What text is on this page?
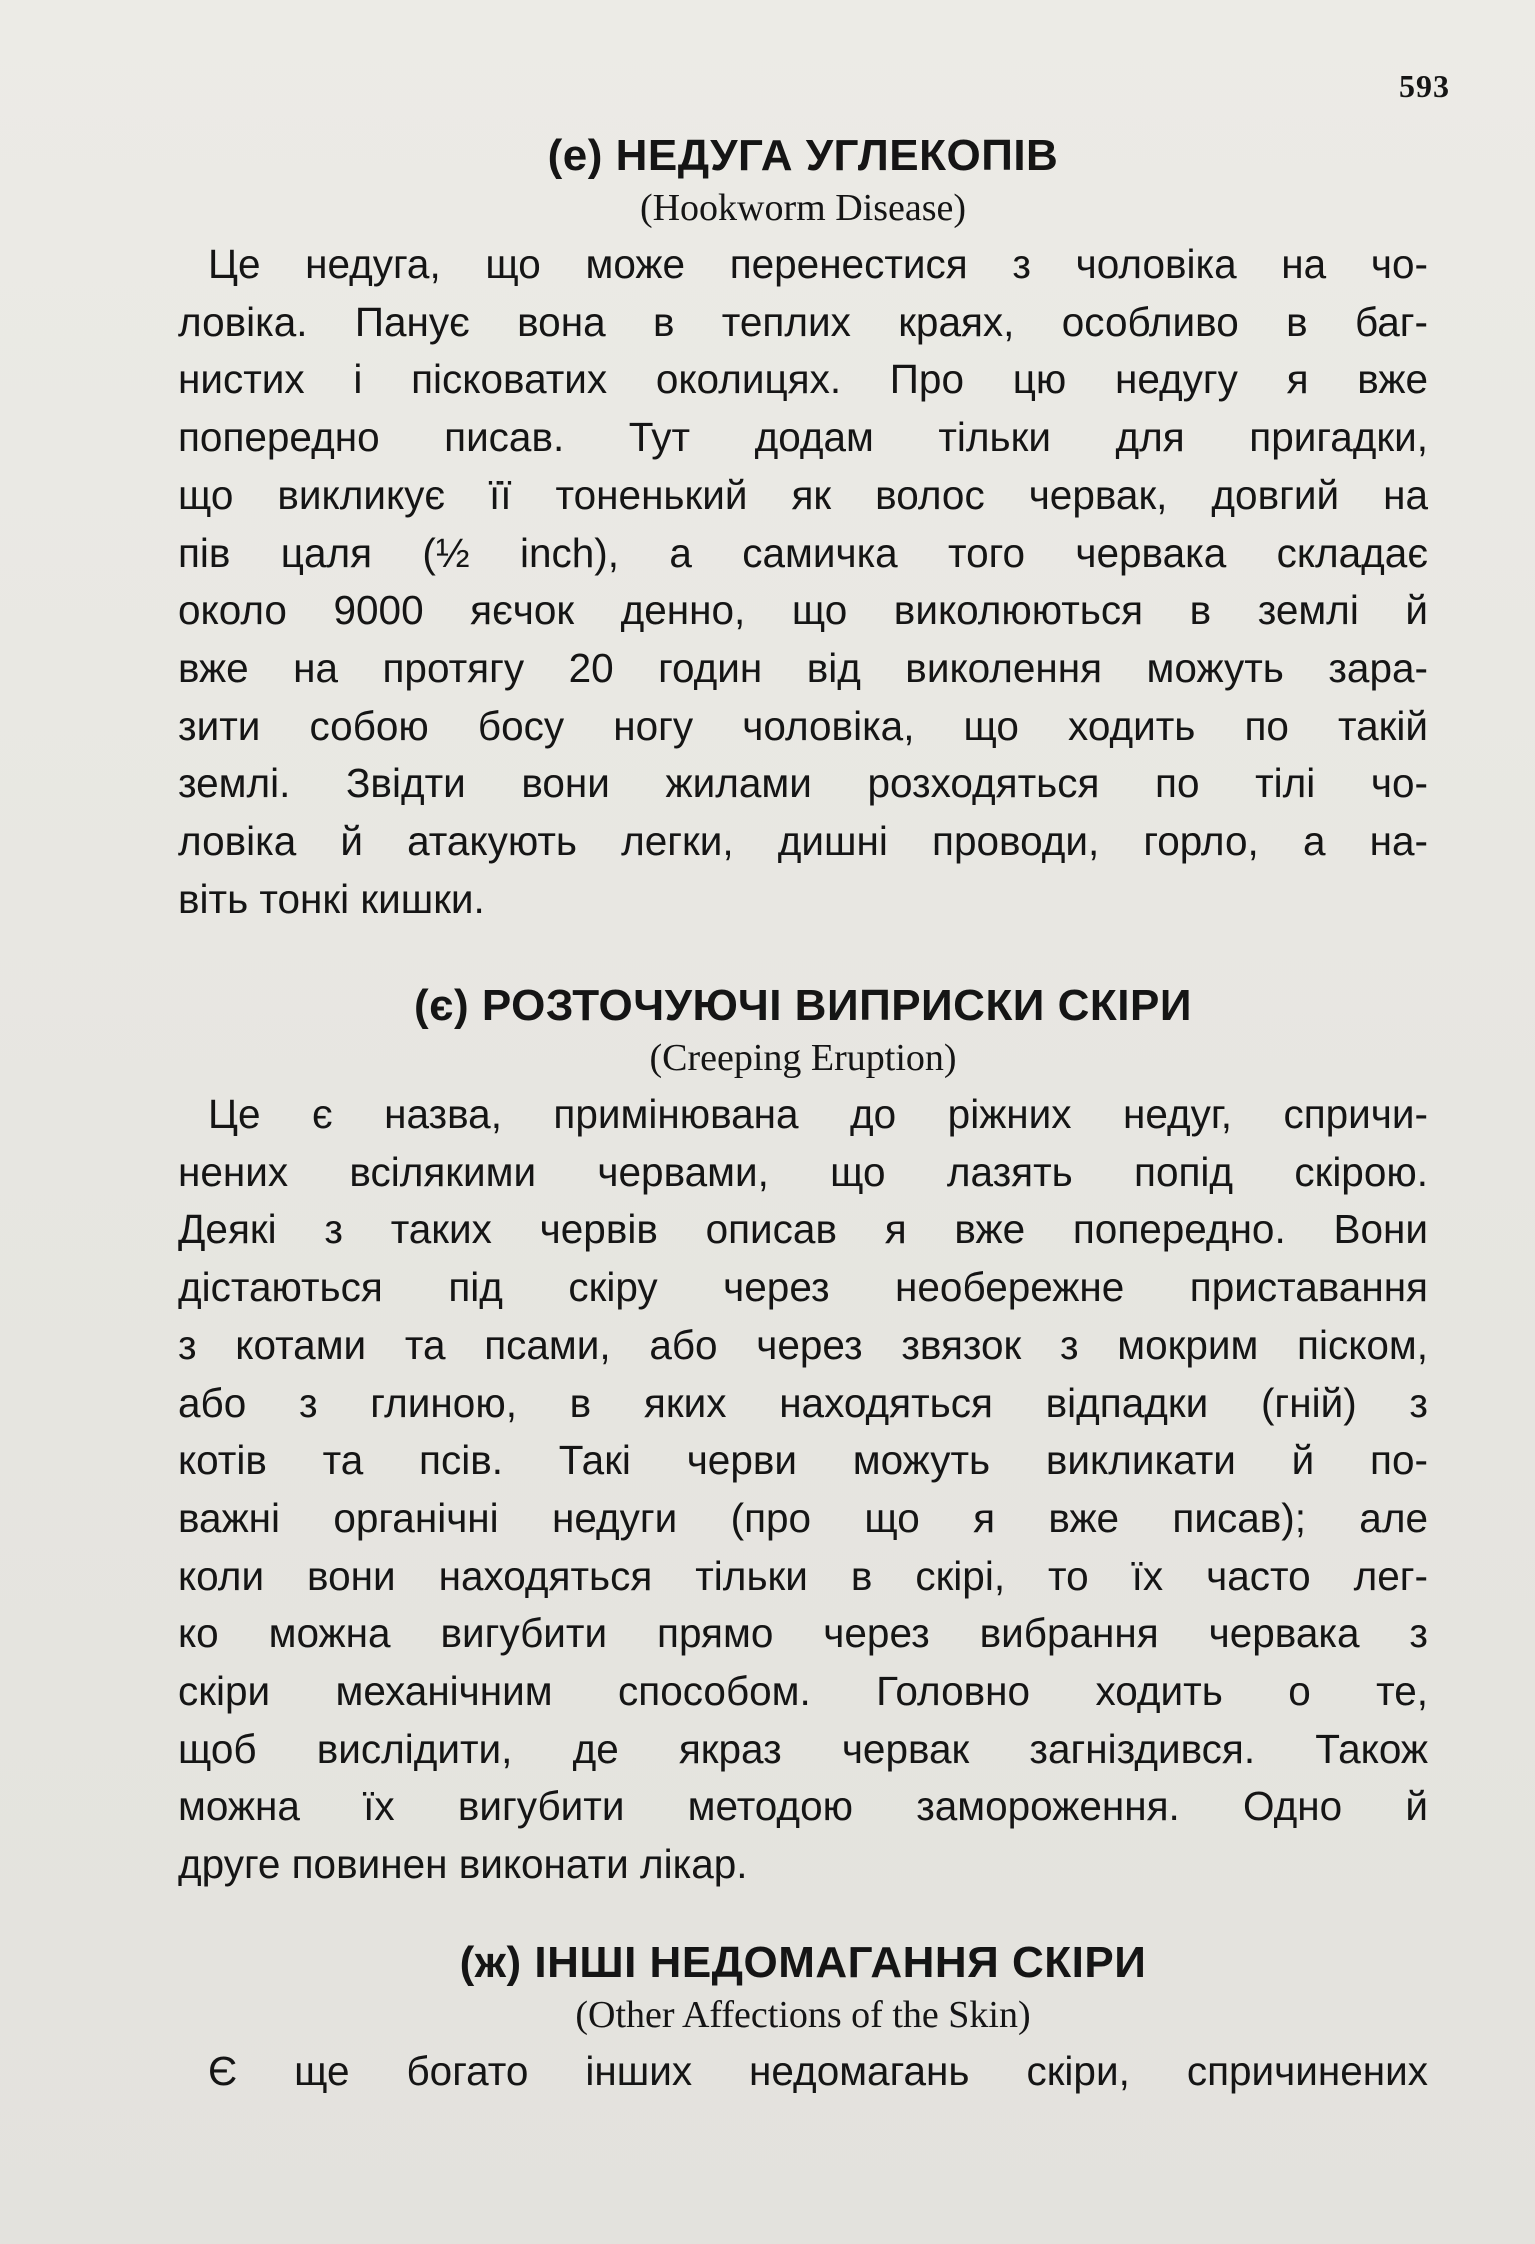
593
(е) НЕДУГА УГЛЕКОПІВ
(Hookworm Disease)
Це недуга, що може перенестися з чоловіка на чо-
ловіка. Панує вона в теплих краях, особливо в баг-
нистих і пісковатих околицях. Про цю недугу я вже
попередно писав. Тут додам тільки для пригадки,
що викликує її тоненький як волос червак, довгий на
пів цаля (½ inch), а самичка того червака складає
около 9000 яєчок денно, що виколюються в землі й
вже на протягу 20 годин від виколення можуть зара-
зити собою босу ногу чоловіка, що ходить по такій
землі. Звідти вони жилами розходяться по тілі чо-
ловіка й атакують легки, дишні проводи, горло, а на-
віть тонкі кишки.
(є) РОЗТОЧУЮЧІ ВИПРИСКИ СКІРИ
(Creeping Eruption)
Це є назва, примінювана до ріжних недуг, спричи-
нених всілякими червами, що лазять попід скірою.
Деякі з таких червів описав я вже попередно. Вони
дістаються під скіру через необережне приставання
з котами та псами, або через звязок з мокрим піском,
або з глиною, в яких находяться відпадки (гній) з
котів та псів. Такі черви можуть викликати й по-
важні органічні недуги (про що я вже писав); але
коли вони находяться тільки в скірі, то їх часто лег-
ко можна вигубити прямо через вибрання червака з
скіри механічним способом. Головно ходить о те,
щоб вислідити, де якраз червак загніздився. Також
можна їх вигубити методою замороження. Одно й
друге повинен виконати лікар.
(ж) ІНШІ НЕДОМАГАННЯ СКІРИ
(Other Affections of the Skin)
Є ще богато інших недомагань скіри, спричинених
